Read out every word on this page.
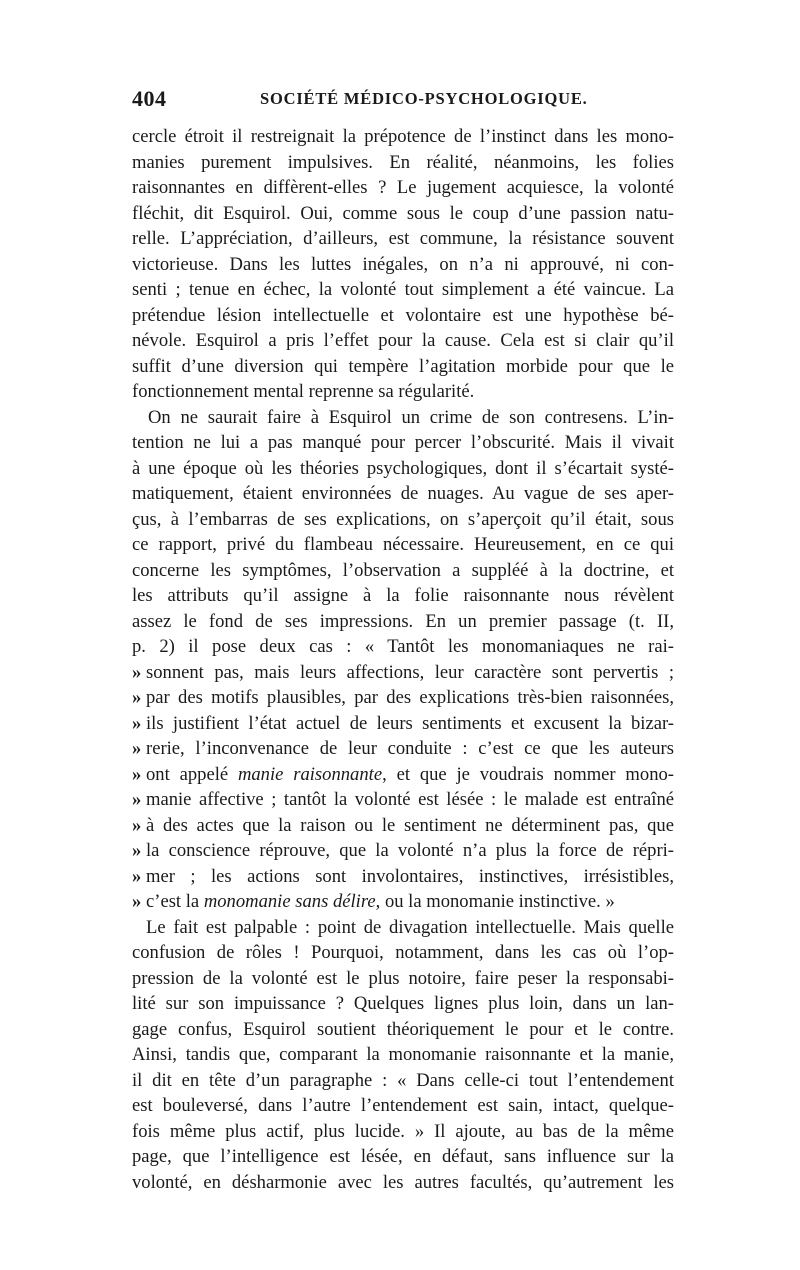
404	SOCIÉTÉ MÉDICO-PSYCHOLOGIQUE.
cercle étroit il restreignait la prépotence de l’instinct dans les mono-
manies purement impulsives. En réalité, néanmoins, les folies
raisonnantes en diffèrent-elles ? Le jugement acquiesce, la volonté
fléchit, dit Esquirol. Oui, comme sous le coup d’une passion natu-
relle. L’appréciation, d’ailleurs, est commune, la résistance souvent
victorieuse. Dans les luttes inégales, on n’a ni approuvé, ni con-
senti ; tenue en échec, la volonté tout simplement a été vaincue. La
prétendue lésion intellectuelle et volontaire est une hypothèse bé-
névole. Esquirol a pris l’effet pour la cause. Cela est si clair qu’il
suffit d’une diversion qui tempère l’agitation morbide pour que le
fonctionnement mental reprenne sa régularité.
On ne saurait faire à Esquirol un crime de son contresens. L’in-
tention ne lui a pas manqué pour percer l’obscurité. Mais il vivait
à une époque où les théories psychologiques, dont il s’écartait systé-
matiquement, étaient environnées de nuages. Au vague de ses aper-
çus, à l’embarras de ses explications, on s’aperçoit qu’il était, sous
ce rapport, privé du flambeau nécessaire. Heureusement, en ce qui
concerne les symptômes, l’observation a suppléé à la doctrine, et
les attributs qu’il assigne à la folie raisonnante nous révèlent
assez le fond de ses impressions. En un premier passage (t. II,
p. 2) il pose deux cas : « Tantôt les monomaniaques ne rai-
» sonnent pas, mais leurs affections, leur caractère sont pervertis ;
» par des motifs plausibles, par des explications très-bien raisonnées,
» ils justifient l’état actuel de leurs sentiments et excusent la bizar-
» rerie, l’inconvenance de leur conduite : c’est ce que les auteurs
» ont appelé manie raisonnante, et que je voudrais nommer mono-
» manie affective ; tantôt la volonté est lésée : le malade est entraîné
» à des actes que la raison ou le sentiment ne déterminent pas, que
» la conscience réprouve, que la volonté n’a plus la force de répri-
» mer ; les actions sont involontaires, instinctives, irrésistibles,
» c’est la monomanie sans délire, ou la monomanie instinctive. »
Le fait est palpable : point de divagation intellectuelle. Mais quelle
confusion de rôles ! Pourquoi, notamment, dans les cas où l’op-
pression de la volonté est le plus notoire, faire peser la responsabi-
lité sur son impuissance ? Quelques lignes plus loin, dans un lan-
gage confus, Esquirol soutient théoriquement le pour et le contre.
Ainsi, tandis que, comparant la monomanie raisonnante et la manie,
il dit en tête d’un paragraphe : « Dans celle-ci tout l’entendement
est bouleversé, dans l’autre l’entendement est sain, intact, quelque-
fois même plus actif, plus lucide. » Il ajoute, au bas de la même
page, que l’intelligence est lésée, en défaut, sans influence sur la
volonté, en désharmonie avec les autres facultés, qu’autrement les
